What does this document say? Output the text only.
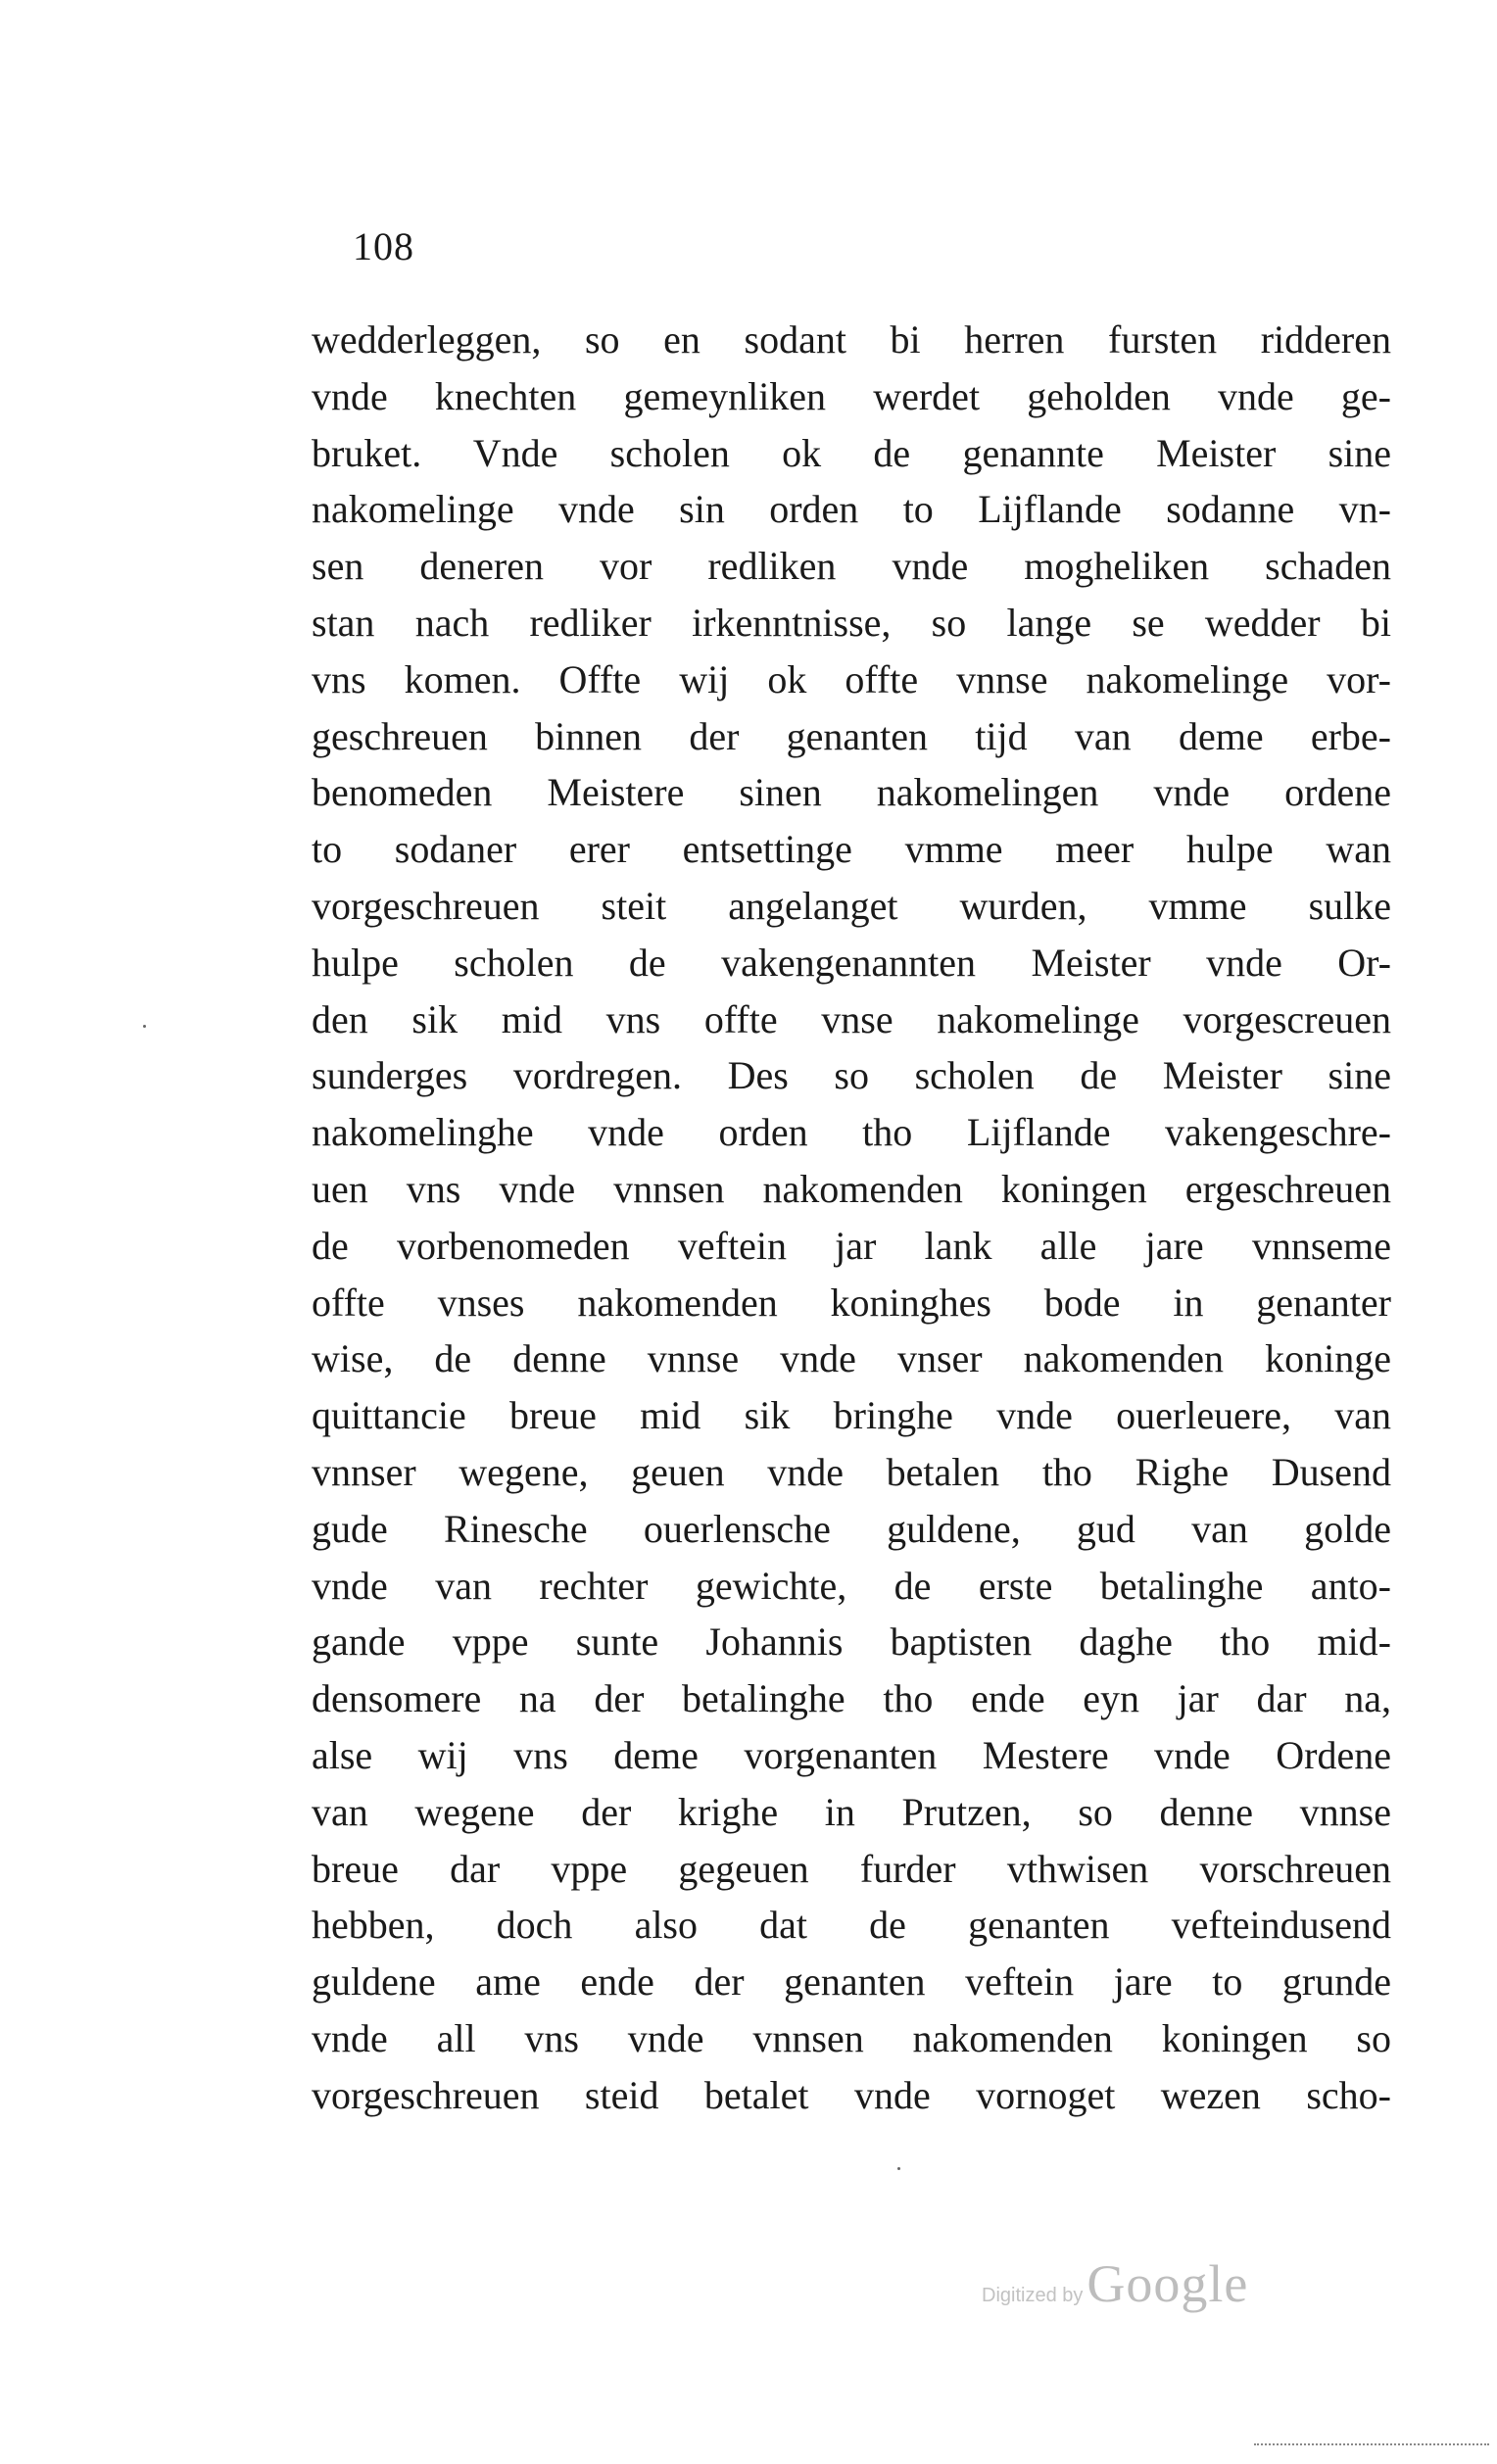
108
wedderleggen, so en sodant bi herren fursten ridderen
vnde knechten gemeynliken werdet geholden vnde ge-
bruket. Vnde scholen ok de genannte Meister sine
nakomelinge vnde sin orden to Lijflande sodanne vn-
sen deneren vor redliken vnde mogheliken schaden
stan nach redliker irkenntnisse, so lange se wedder bi
vns komen. Offte wij ok offte vnnse nakomelinge vor-
geschreuen binnen der genanten tijd van deme erbe-
benomeden Meistere sinen nakomelingen vnde ordene
to sodaner erer entsettinge vmme meer hulpe wan
vorgeschreuen steit angelanget wurden, vmme sulke
hulpe scholen de vakengenannten Meister vnde Or-
den sik mid vns offte vnse nakomelinge vorgescreuen
sunderges vordregen. Des so scholen de Meister sine
nakomelinghe vnde orden tho Lijflande vakengeschre-
uen vns vnde vnnsen nakomenden koningen ergeschreuen
de vorbenomeden veftein jar lank alle jare vnnseme
offte vnses nakomenden koninghes bode in genanter
wise, de denne vnnse vnde vnser nakomenden koninge
quittancie breue mid sik bringhe vnde ouerleuere, van
vnnser wegene, geuen vnde betalen tho Righe Dusend
gude Rinesche ouerlensche guldene, gud van golde
vnde van rechter gewichte, de erste betalinghe anto-
gande vppe sunte Johannis baptisten daghe tho mid-
densomere na der betalinghe tho ende eyn jar dar na,
alse wij vns deme vorgenanten Mestere vnde Ordene
van wegene der krighe in Prutzen, so denne vnnse
breue dar vppe gegeuen furder vthwisen vorschreuen
hebben, doch also dat de genanten vefteindusend
guldene ame ende der genanten veftein jare to grunde
vnde all vns vnde vnnsen nakomenden koningen so
vorgeschreuen steid betalet vnde vornoget wezen scho-
Digitized by Google
